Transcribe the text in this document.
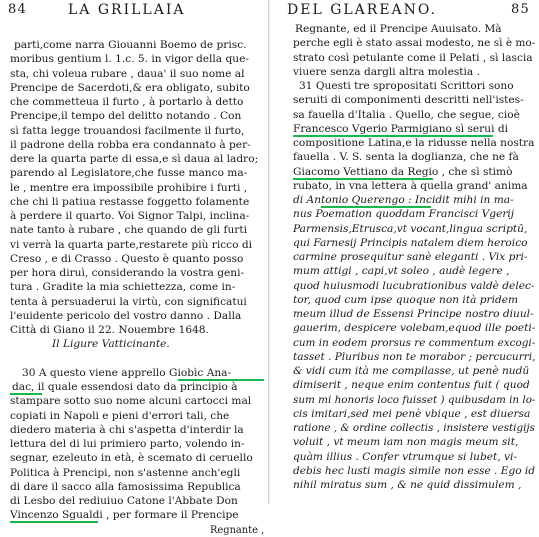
84	LA GRILLAIA
parti,come narra Giouanni Boemo de prisc.
moribus gentium l. 1.c. 5. in vigor della que-
sta, chi voleua rubare , daua' il suo nome al
Prencipe de Sacerdoti,& era obligato, subito
che commetteua il furto , à portarlo à detto
Prencipe,il tempo del delitto notando . Con
sì fatta legge trouandosi facilmente il furto,
il padrone della robba era condannato à per-
dere la quarta parte di essa,e sì daua al ladro;
parendo al Legislatore,che fusse manco ma-
le , mentre era impossibile prohibire i furti ,
che chi li patiua restasse foggetto folamente
à perdere il quarto. Voi Signor Talpi, inclina-
nate tanto à rubare , che quando de gli furti
vi verrà la quarta parte,restarete più ricco di
Creso , e di Crasso . Questo è quanto posso
per hora diruì, considerando la vostra geni-
tura . Gradite la mia schiettezza, come in-
tenta à persuaderui la virtù, con significatui
l'euidente pericolo del vostro danno . Dalla
Città di Giano il 22. Nouembre 1648.
Il Ligure Vatticinante.
30 A questo viene apprello Giobìc Ana-
dac, il quale essendosi dato da principio à
stampare sotto suo nome alcuni cartocci mal
copiati in Napoli e pieni d'errori tali, che
diedero materia à chi s'aspetta d'interdir la
lettura del di lui primiero parto, volendo in-
segnar, ezeleuto in età, è scemato di ceruello
Politica à Prencipi, non s'astenne anch'egli
di dare il sacco alla famosissima Republica
di Lesbo del rediuiuo Catone l'Abbate Don
Vincenzo Sgualdi , per formare il Prencipe
Regnante ,
DEL GLAREANO.	85
Regnante, ed il Prencipe Auuisato. Mà
perche egli è stato assai modesto, ne sì è mo-
strato così petulante come il Pelati , sì lascia
viuere senza dargli altra molestia .
31 Questi tre spropositati Scrittori sono
seruiti di componimenti descritti nell'istes-
sa fauella d'Italia . Quello, che segue, cioè
Francesco Vgerio Parmigiano sì serui di
compositione Latina,e la ridusse nella nostra
fauella . V. S. senta la doglianza, che ne fà
Giacomo Vettiano da Regio , che sì stimò
rubato, in vna lettera à quella grand' anima
di Antonio Querengo : Incidit mihi in ma-
nus Poemation quoddam Francisci Vgerij
Parmensis,Etrusca,vt vocant,lingua scriptū,
qui Farnesij Principis natalem diem heroico
carmine prosequitur sanè eleganti . Vix pri-
mum attigi , capi,vt soleo , audè legere ,
quod huiusmodi lucubrationibus valdè delec-
tor, quod cum ipse quoque non ità pridem
meum illud de Essensi Principe nostro diuul-
gauerim, despicere volebam,equod ille poeti-
cum in eodem prorsus re commentum excogi-
tasset . Pluribus non te morabor ; percucurri,
& vidi cum ità me compilasse, ut penè nudū
dimiserit , neque enim contentus fuit ( quod
sum mi honoris loco fuisset ) quibusdam in lo-
cis imitari,sed mei penè vbique , est diuersa
ratione , & ordine collectis , insistere vestigijs
voluit , vt meum iam non magis meum sit,
quàm illius . Confer vtrumque si lubet, vi-
debis hec lusti magis simile non esse . Ego id
nihil miratus sum , & ne quid dissimulem ,
